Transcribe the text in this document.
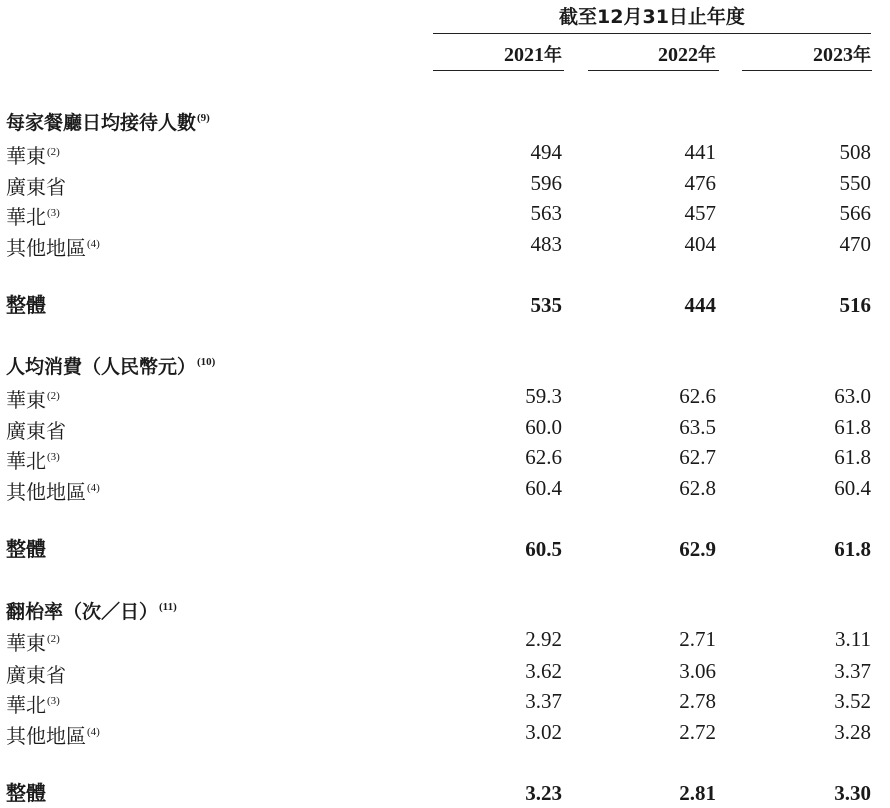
截至12月31日止年度
2021年	2022年	2023年
每家餐廳日均接待人數$^{(9)}$
華東$^{(2)}$	494	441	508
廣東省	596	476	550
華北$^{(3)}$	563	457	566
其他地區$^{(4)}$	483	404	470
整體	535	444	516
人均消費（人民幣元）$^{(10)}$
華東$^{(2)}$	59.3	62.6	63.0
廣東省	60.0	63.5	61.8
華北$^{(3)}$	62.6	62.7	61.8
其他地區$^{(4)}$	60.4	62.8	60.4
整體	60.5	62.9	61.8
翻枱率（次／日）$^{(11)}$
華東$^{(2)}$	2.92	2.71	3.11
廣東省	3.62	3.06	3.37
華北$^{(3)}$	3.37	2.78	3.52
其他地區$^{(4)}$	3.02	2.72	3.28
整體	3.23	2.81	3.30
